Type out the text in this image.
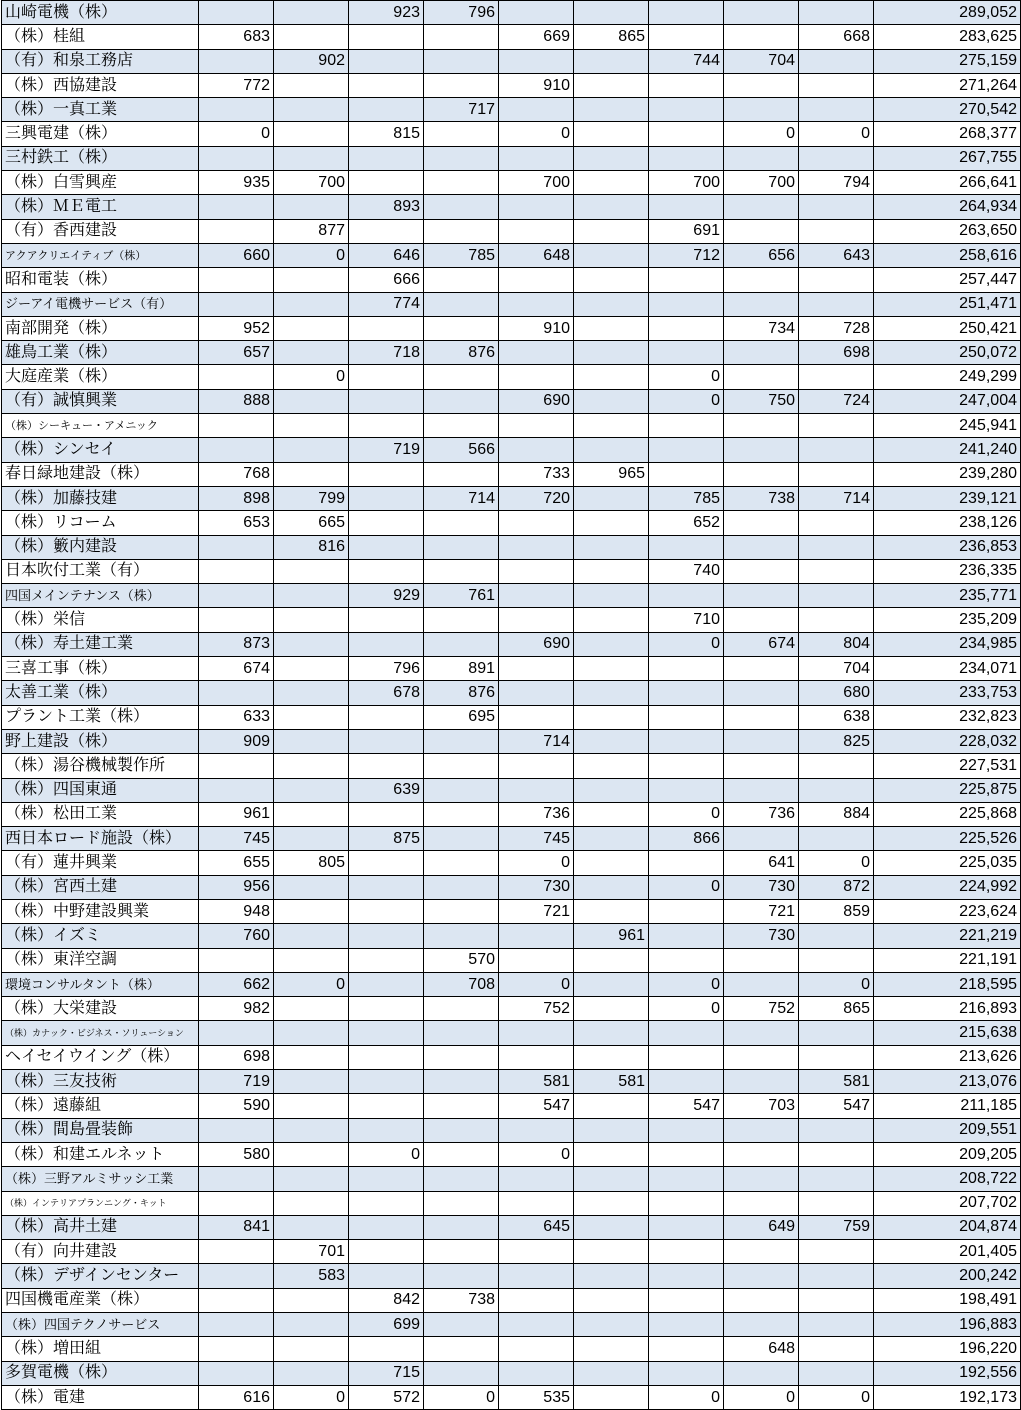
山崎電機（株）			923	796						289,052
（株）桂組	683				669	865			668	283,625
（有）和泉工務店		902					744	704		275,159
（株）西協建設	772				910					271,264
（株）一真工業				717						270,542
三興電建（株）	0		815		0			0	0	268,377
三村鉄工（株）										267,755
（株）白雪興産	935	700			700		700	700	794	266,641
（株）ＭＥ電工			893							264,934
（有）香西建設		877					691			263,650
アクアクリエイティブ（株）	660	0	646	785	648		712	656	643	258,616
昭和電装（株）			666							257,447
ジーアイ電機サービス（有）			774							251,471
南部開発（株）	952				910			734	728	250,421
雄鳥工業（株）	657		718	876					698	250,072
大庭産業（株）		0					0			249,299
（有）誠慎興業	888				690		0	750	724	247,004
（株）シーキュー・アメニック										245,941
（株）シンセイ			719	566						241,240
春日緑地建設（株）	768				733	965				239,280
（株）加藤技建	898	799		714	720		785	738	714	239,121
（株）リコーム	653	665					652			238,126
（株）籔内建設		816								236,853
日本吹付工業（有）							740			236,335
四国メインテナンス（株）			929	761						235,771
（株）栄信							710			235,209
（株）寿土建工業	873				690		0	674	804	234,985
三喜工事（株）	674		796	891					704	234,071
太善工業（株）			678	876					680	233,753
プラント工業（株）	633			695					638	232,823
野上建設（株）	909				714				825	228,032
（株）湯谷機械製作所										227,531
（株）四国東通			639							225,875
（株）松田工業	961				736		0	736	884	225,868
西日本ロード施設（株）	745		875		745		866			225,526
（有）蓮井興業	655	805			0			641	0	225,035
（株）宮西土建	956				730		0	730	872	224,992
（株）中野建設興業	948				721			721	859	223,624
（株）イズミ	760					961		730		221,219
（株）東洋空調				570						221,191
環境コンサルタント（株）	662	0		708	0		0		0	218,595
（株）大栄建設	982				752		0	752	865	216,893
（株）カナック・ビジネス・ソリューション										215,638
ヘイセイウイング（株）	698									213,626
（株）三友技術	719				581	581			581	213,076
（株）遠藤組	590				547		547	703	547	211,185
（株）間島畳装飾										209,551
（株）和建エルネット	580		0		0					209,205
（株）三野アルミサッシ工業										208,722
（株）インテリアプランニング・キット										207,702
（株）高井土建	841				645			649	759	204,874
（有）向井建設		701								201,405
（株）デザインセンター		583								200,242
四国機電産業（株）			842	738						198,491
（株）四国テクノサービス			699							196,883
（株）増田組								648		196,220
多賀電機（株）			715							192,556
（株）電建	616	0	572	0	535		0	0	0	192,173
